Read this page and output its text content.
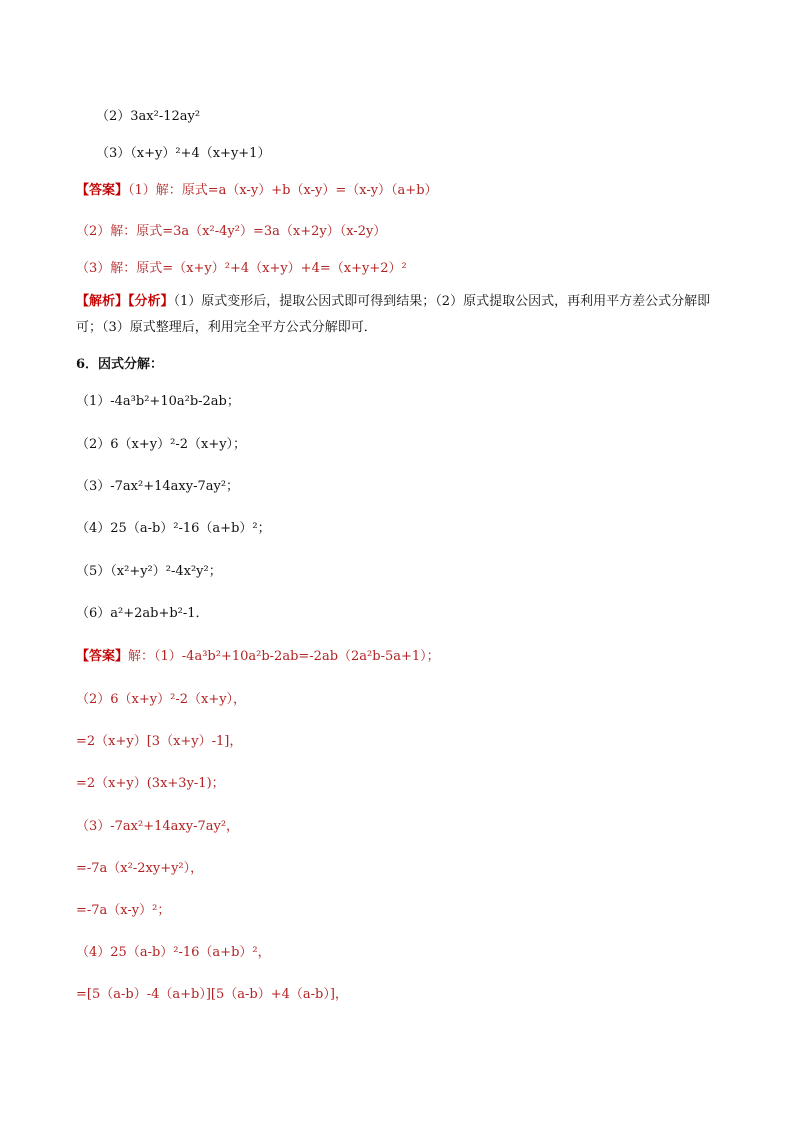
（2）3ax²-12ay²
（3）（x+y）²+4（x+y+1）
【答案】（1）解：原式=a（x-y）+b（x-y）=（x-y）（a+b）
（2）解：原式=3a（x²-4y²）=3a（x+2y）（x-2y）
（3）解：原式=（x+y）²+4（x+y）+4=（x+y+2）²
【解析】【分析】（1）原式变形后，提取公因式即可得到结果；（2）原式提取公因式，再利用平方差公式分解即可；（3）原式整理后，利用完全平方公式分解即可．
6．因式分解：
（1）-4a³b²+10a²b-2ab；
（2）6（x+y）²-2（x+y）；
（3）-7ax²+14axy-7ay²；
（4）25（a-b）²-16（a+b）²；
（5）（x²+y²）²-4x²y²；
（6）a²+2ab+b²-1．
【答案】解：（1）-4a³b²+10a²b-2ab=-2ab（2a²b-5a+1）；
（2）6（x+y）²-2（x+y），
=2（x+y）[3（x+y）-1]，
=2（x+y）(3x+3y-1)；
（3）-7ax²+14axy-7ay²，
=-7a（x²-2xy+y²），
=-7a（x-y）²；
（4）25（a-b）²-16（a+b）²，
=[5（a-b）-4（a+b）][5（a-b）+4（a-b）]，
